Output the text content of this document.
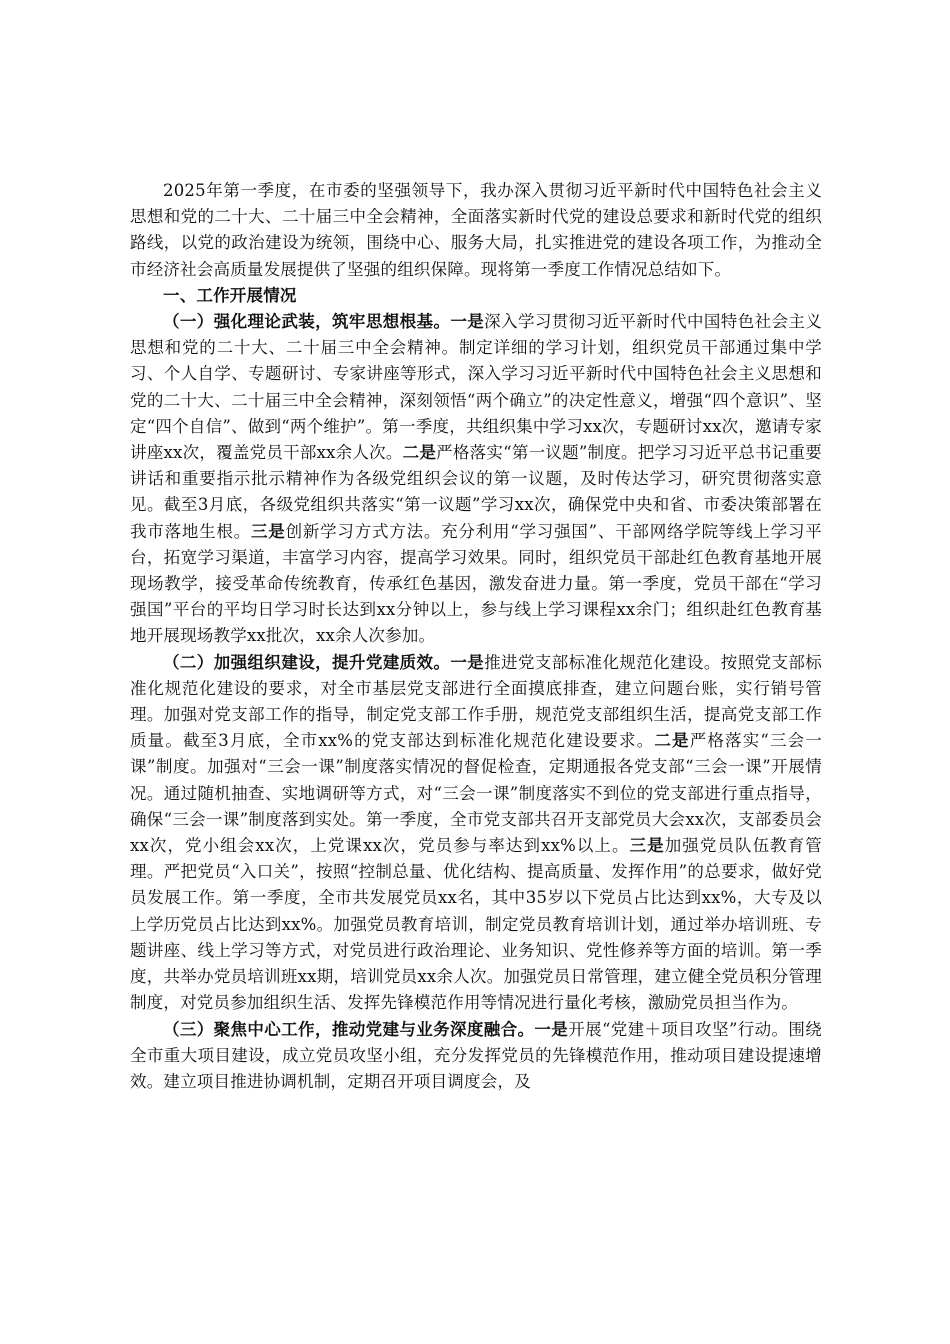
2025年第一季度，在市委的坚强领导下，我办深入贯彻习近平新时代中国特色社会主义思想和党的二十大、二十届三中全会精神，全面落实新时代党的建设总要求和新时代党的组织路线，以党的政治建设为统领，围绕中心、服务大局，扎实推进党的建设各项工作，为推动全市经济社会高质量发展提供了坚强的组织保障。现将第一季度工作情况总结如下。

一、工作开展情况

（一）强化理论武装，筑牢思想根基。一是深入学习贯彻习近平新时代中国特色社会主义思想和党的二十大、二十届三中全会精神。制定详细的学习计划，组织党员干部通过集中学习、个人自学、专题研讨、专家讲座等形式，深入学习习近平新时代中国特色社会主义思想和党的二十大、二十届三中全会精神，深刻领悟“两个确立”的决定性意义，增强“四个意识”、坚定“四个自信”、做到“两个维护”。第一季度，共组织集中学习xx次，专题研讨xx次，邀请专家讲座xx次，覆盖党员干部xx余人次。二是严格落实“第一议题”制度。把学习习近平总书记重要讲话和重要指示批示精神作为各级党组织会议的第一议题，及时传达学习，研究贯彻落实意见。截至3月底，各级党组织共落实“第一议题”学习xx次，确保党中央和省、市委决策部署在我市落地生根。三是创新学习方式方法。充分利用“学习强国”、干部网络学院等线上学习平台，拓宽学习渠道，丰富学习内容，提高学习效果。同时，组织党员干部赴红色教育基地开展现场教学，接受革命传统教育，传承红色基因，激发奋进力量。第一季度，党员干部在“学习强国”平台的平均日学习时长达到xx分钟以上，参与线上学习课程xx余门；组织赴红色教育基地开展现场教学xx批次，xx余人次参加。

（二）加强组织建设，提升党建质效。一是推进党支部标准化规范化建设。按照党支部标准化规范化建设的要求，对全市基层党支部进行全面摸底排查，建立问题台账，实行销号管理。加强对党支部工作的指导，制定党支部工作手册，规范党支部组织生活，提高党支部工作质量。截至3月底，全市xx%的党支部达到标准化规范化建设要求。二是严格落实“三会一课”制度。加强对“三会一课”制度落实情况的督促检查，定期通报各党支部“三会一课”开展情况。通过随机抽查、实地调研等方式，对“三会一课”制度落实不到位的党支部进行重点指导，确保“三会一课”制度落到实处。第一季度，全市党支部共召开支部党员大会xx次，支部委员会xx次，党小组会xx次，上党课xx次，党员参与率达到xx%以上。三是加强党员队伍教育管理。严把党员“入口关”，按照“控制总量、优化结构、提高质量、发挥作用”的总要求，做好党员发展工作。第一季度，全市共发展党员xx名，其中35岁以下党员占比达到xx%，大专及以上学历党员占比达到xx%。加强党员教育培训，制定党员教育培训计划，通过举办培训班、专题讲座、线上学习等方式，对党员进行政治理论、业务知识、党性修养等方面的培训。第一季度，共举办党员培训班xx期，培训党员xx余人次。加强党员日常管理，建立健全党员积分管理制度，对党员参加组织生活、发挥先锋模范作用等情况进行量化考核，激励党员担当作为。

（三）聚焦中心工作，推动党建与业务深度融合。一是开展“党建＋项目攻坚”行动。围绕全市重大项目建设，成立党员攻坚小组，充分发挥党员的先锋模范作用，推动项目建设提速增效。建立项目推进协调机制，定期召开项目调度会，及
